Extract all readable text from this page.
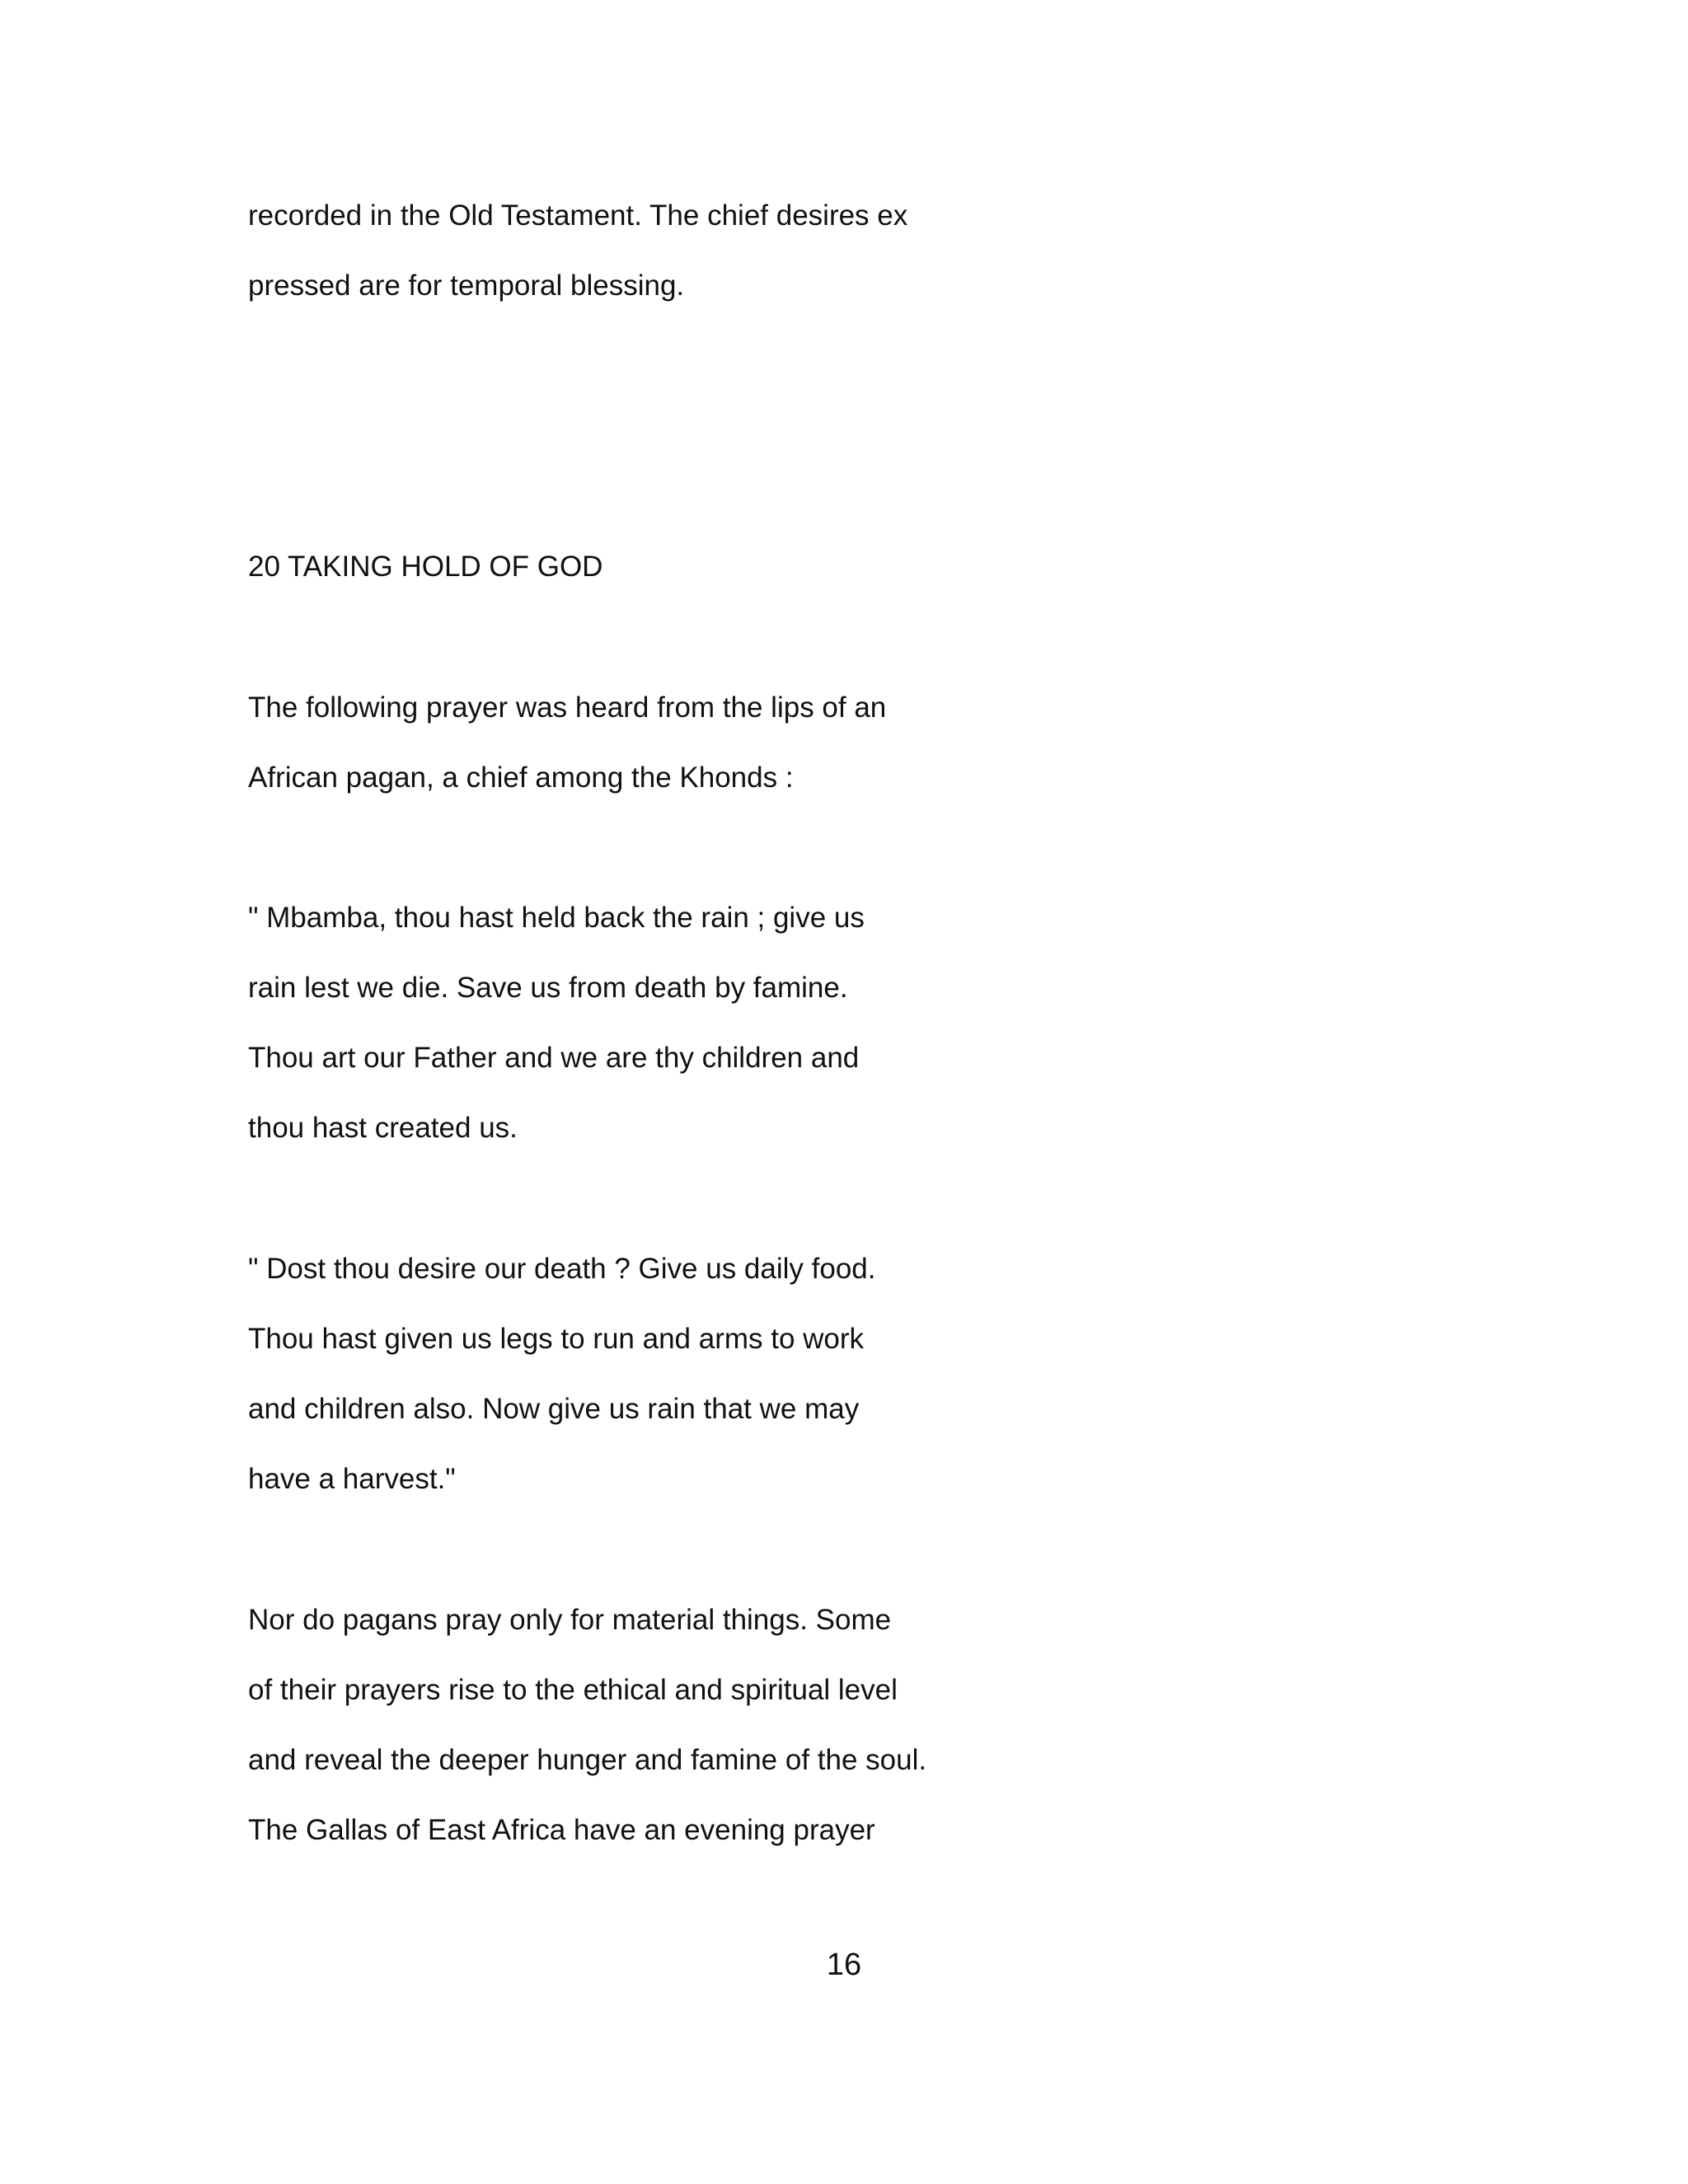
recorded in the Old Testament. The chief desires ex
pressed are for temporal blessing.
20 TAKING HOLD OF GOD
The following prayer was heard from the lips of an
African pagan, a chief among the Khonds :
" Mbamba, thou hast held back the rain ; give us
rain lest we die. Save us from death by famine.
Thou art our Father and we are thy children and
thou hast created us.
" Dost thou desire our death ? Give us daily food.
Thou hast given us legs to run and arms to work
and children also. Now give us rain that we may
have a harvest."
Nor do pagans pray only for material things. Some
of their prayers rise to the ethical and spiritual level
and reveal the deeper hunger and famine of the soul.
The Gallas of East Africa have an evening prayer
16
